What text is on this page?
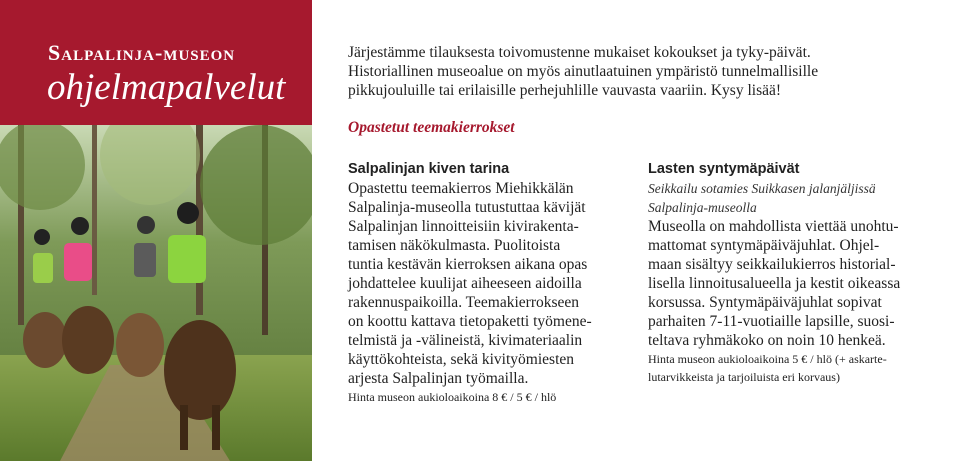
Salpalinja-museon
ohjelmapalvelut
Järjestämme tilauksesta toivomustenne mukaiset kokoukset ja tyky-päivät.
Historiallinen museoalue on myös ainutlaatuinen ympäristö tunnelmallisille
pikkujouluille tai erilaisille perhejuhlille vauvasta vaariin. Kysy lisää!
Opastetut teemakierrokset
Salpalinjan kiven tarina
Opastettu teemakierros Miehikkälän
Salpalinja-museolla tutustuttaa kävijät
Salpalinjan linnoitteisiin kivirakenta-
tamisen näkökulmasta. Puolitoista
tuntia kestävän kierroksen aikana opas
johdattelee kuulijat aiheeseen aidoilla
rakennuspaikoilla. Teemakierrokseen
on koottu kattava tietopaketti työmene-
telmistä ja -välineistä, kivimateriaalin
käyttökohteista, sekä kivityömiesten
arjesta Salpalinjan työmailla.
Hinta museon aukioloaikoina 8 € / 5 € / hlö
Lasten syntymäpäivät
Seikkailu sotamies Suikkasen jalanjäljissä
Salpalinja-museolla
Museolla on mahdollista viettää unohtu-
mattomat syntymäpäiväjuhlat. Ohjel-
maan sisältyy seikkailukierros historial-
lisella linnoitusalueella ja kestit oikeassa
korsussa. Syntymäpäiväjuhlat sopivat
parhaiten 7-11-vuotiaille lapsille, suosi-
teltava ryhmäkoko on noin 10 henkeä.
Hinta museon aukioloaikoina 5 € / hlö (+ askarte-
lutarvikkeista ja tarjoiluista eri korvaus)
